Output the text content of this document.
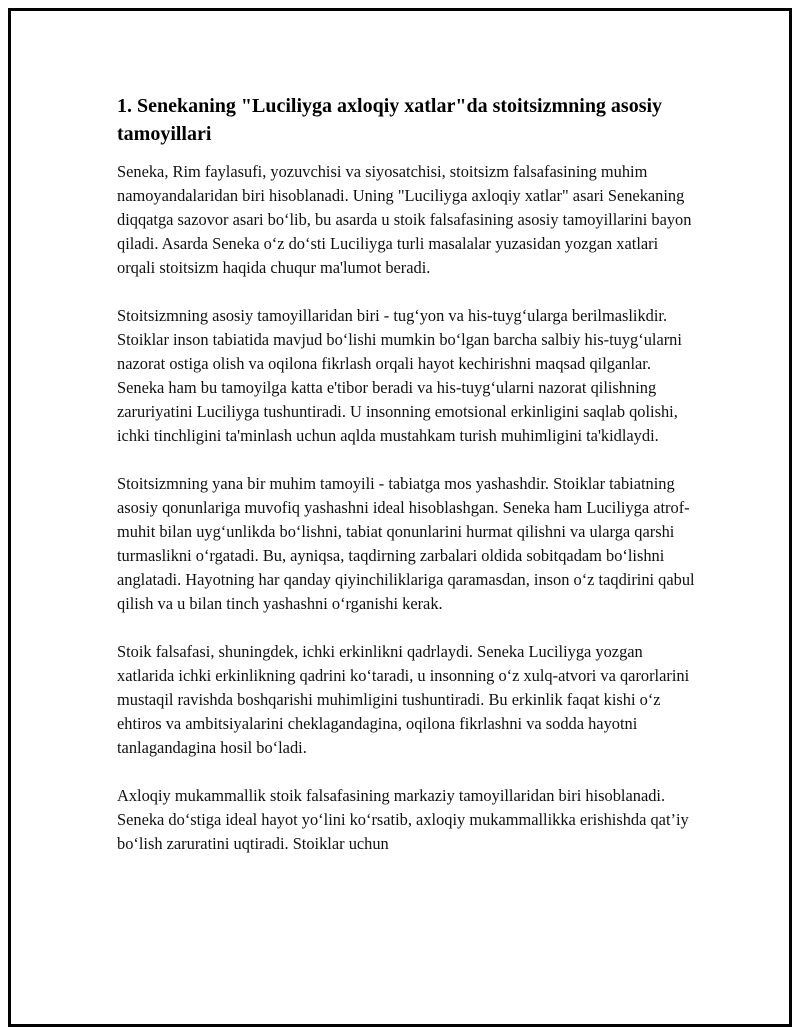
1. Senekaning "Luciliyga axloqiy xatlar"da stoitsizmning asosiy tamoyillari

Seneka, Rim faylasufi, yozuvchisi va siyosatchisi, stoitsizm falsafasining muhim namoyandalaridan biri hisoblanadi. Uning "Luciliyga axloqiy xatlar" asari Senekaning diqqatga sazovor asari boʻlib, bu asarda u stoik falsafasining asosiy tamoyillarini bayon qiladi. Asarda Seneka oʻz doʻsti Luciliyga turli masalalar yuzasidan yozgan xatlari orqali stoitsizm haqida chuqur ma'lumot beradi.

Stoitsizmning asosiy tamoyillaridan biri - tugʻyon va his-tuygʻularga berilmaslikdir. Stoiklar inson tabiatida mavjud boʻlishi mumkin boʻlgan barcha salbiy his-tuygʻularni nazorat ostiga olish va oqilona fikrlash orqali hayot kechirishni maqsad qilganlar. Seneka ham bu tamoyilga katta e'tibor beradi va his-tuygʻularni nazorat qilishning zaruriyatini Luciliyga tushuntiradi. U insonning emotsional erkinligini saqlab qolishi, ichki tinchligini ta'minlash uchun aqlda mustahkam turish muhimligini ta'kidlaydi.

Stoitsizmning yana bir muhim tamoyili - tabiatga mos yashashdir. Stoiklar tabiatning asosiy qonunlariga muvofiq yashashni ideal hisoblashgan. Seneka ham Luciliyga atrof-muhit bilan uygʻunlikda boʻlishni, tabiat qonunlarini hurmat qilishni va ularga qarshi turmaslikni oʻrgatadi. Bu, ayniqsa, taqdirning zarbalari oldida sobitqadam boʻlishni anglatadi. Hayotning har qanday qiyinchiliklariga qaramasdan, inson oʻz taqdirini qabul qilish va u bilan tinch yashashni oʻrganishi kerak.

Stoik falsafasi, shuningdek, ichki erkinlikni qadrlaydi. Seneka Luciliyga yozgan xatlarida ichki erkinlikning qadrini koʻtaradi, u insonning oʻz xulq-atvori va qarorlarini mustaqil ravishda boshqarishi muhimligini tushuntiradi. Bu erkinlik faqat kishi oʻz ehtiros va ambitsiyalarini cheklagandagina, oqilona fikrlashni va sodda hayotni tanlagandagina hosil boʻladi.

Axloqiy mukammallik stoik falsafasining markaziy tamoyillaridan biri hisoblanadi. Seneka doʻstiga ideal hayot yoʻlini koʻrsatib, axloqiy mukammallikka erishishda qat’iy boʻlish zaruratini uqtiradi. Stoiklar uchun
